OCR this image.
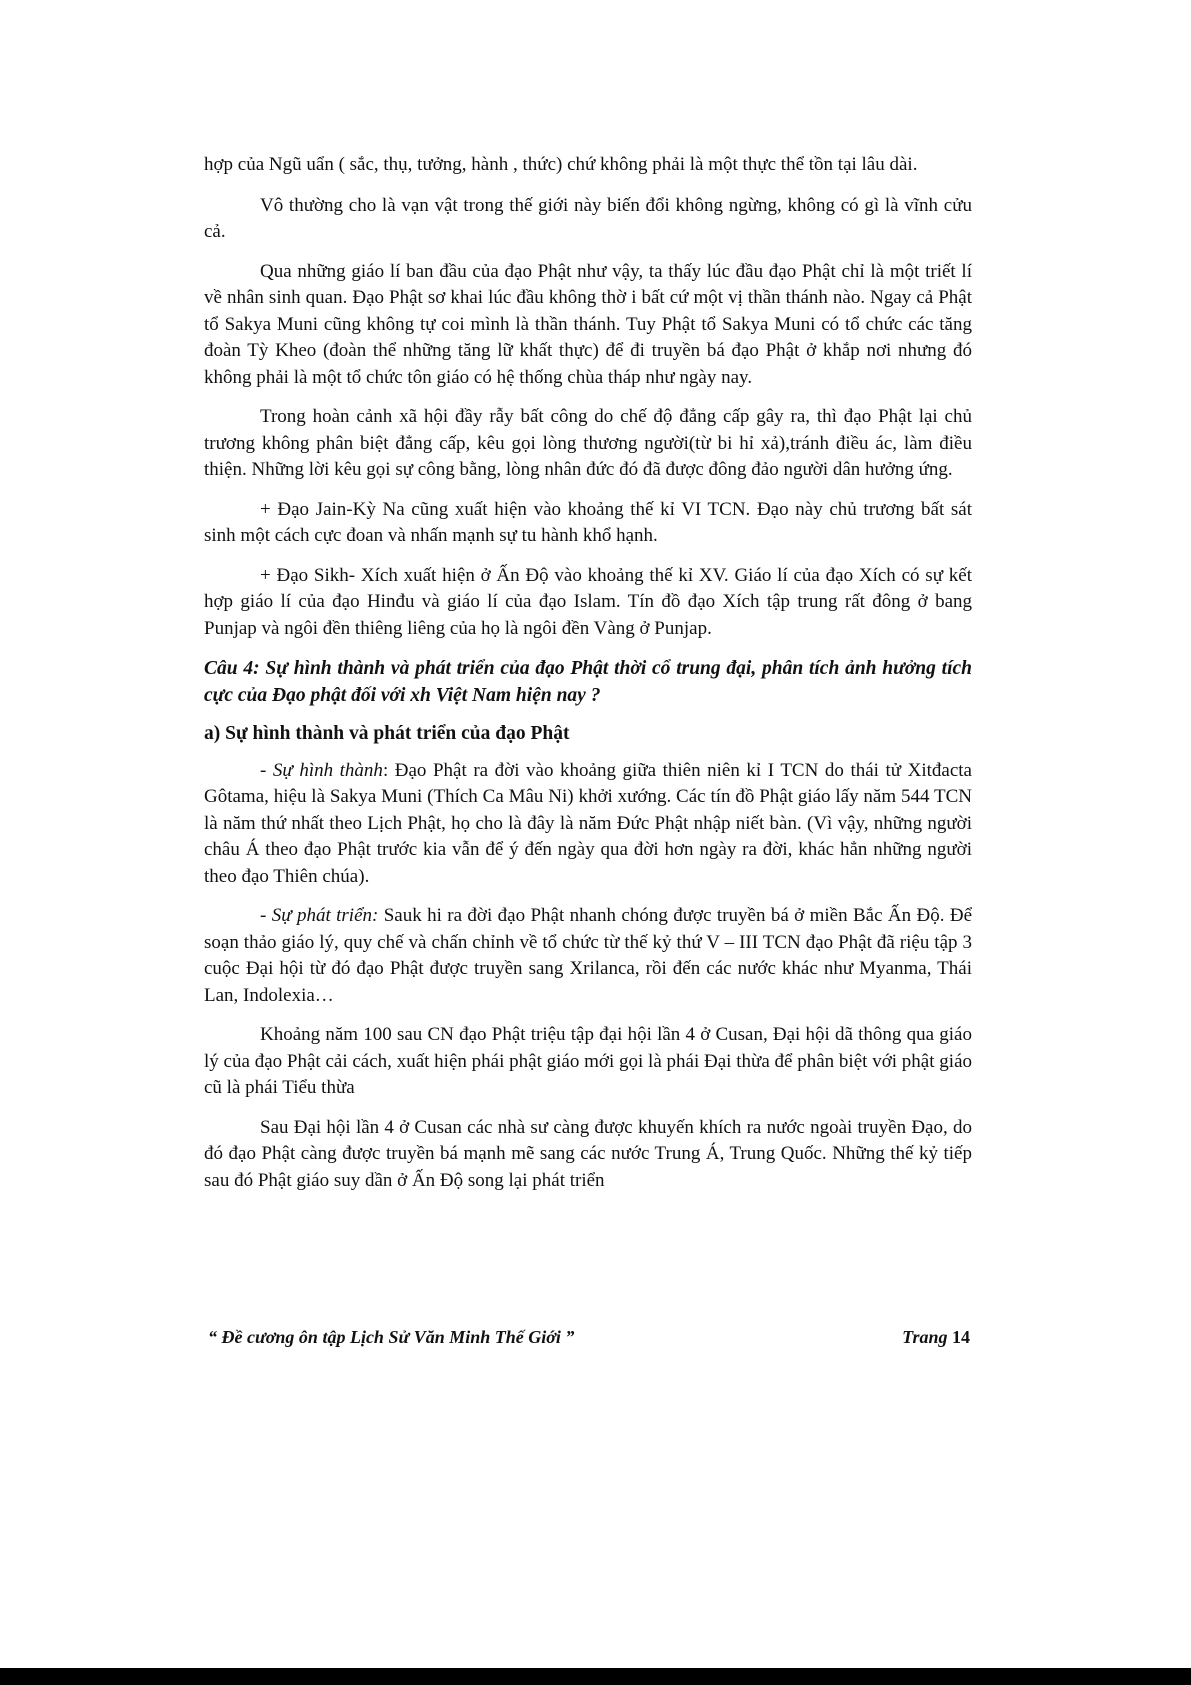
hợp của Ngũ uẩn ( sắc, thụ, tưởng, hành , thức) chứ không phải là một thực thể tồn tại lâu dài.

Vô thường cho là vạn vật trong thế giới này biến đổi không ngừng, không có gì là vĩnh cửu cả.

Qua những giáo lí ban đầu của đạo Phật như vậy, ta thấy lúc đầu đạo Phật chỉ là một triết lí về nhân sinh quan. Đạo Phật sơ khai lúc đầu không thờ i bất cứ một vị thần thánh nào. Ngay cả Phật tổ Sakya Muni cũng không tự coi mình là thần thánh. Tuy Phật tổ Sakya Muni có tổ chức các tăng đoàn Tỳ Kheo (đoàn thể những tăng lữ khất thực) để đi truyền bá đạo Phật ở khắp nơi nhưng đó không phải là một tổ chức tôn giáo có hệ thống chùa tháp như ngày nay.

Trong hoàn cảnh xã hội đầy rẫy bất công do chế độ đẳng cấp gây ra, thì đạo Phật lại chủ trương không phân biệt đẳng cấp, kêu gọi lòng thương người(từ bi hỉ xả),tránh điều ác, làm điều thiện. Những lời kêu gọi sự công bằng, lòng nhân đức đó đã được đông đảo người dân hưởng ứng.

+ Đạo Jain-Kỳ Na cũng xuất hiện vào khoảng thế kỉ VI TCN. Đạo này chủ trương bất sát sinh một cách cực đoan và nhấn mạnh sự tu hành khổ hạnh.

+ Đạo Sikh- Xích xuất hiện ở Ấn Độ vào khoảng thế kỉ XV. Giáo lí của đạo Xích có sự kết hợp giáo lí của đạo Hinđu và giáo lí của đạo Islam. Tín đồ đạo Xích tập trung rất đông ở bang Punjap và ngôi đền thiêng liêng của họ là ngôi đền Vàng ở Punjap.

Câu 4: Sự hình thành và phát triển của đạo Phật thời cổ trung đại, phân tích ảnh hưởng tích cực của Đạo phật đối với xh Việt Nam hiện nay ?

a) Sự hình thành và phát triển của đạo Phật

- Sự hình thành: Đạo Phật ra đời vào khoảng giữa thiên niên kỉ I TCN do thái tử Xitđacta Gôtama, hiệu là Sakya Muni (Thích Ca Mâu Ni) khởi xướng. Các tín đồ Phật giáo lấy năm 544 TCN là năm thứ nhất theo Lịch Phật, họ cho là đây là năm Đức Phật nhập niết bàn. (Vì vậy, những người châu Á theo đạo Phật trước kia vẫn để ý đến ngày qua đời hơn ngày ra đời, khác hẳn những người theo đạo Thiên chúa).

- Sự phát triển: Sauk hi ra đời đạo Phật nhanh chóng được truyền bá ở miền Bắc Ấn Độ. Để soạn thảo giáo lý, quy chế và chấn chỉnh về tổ chức từ thế kỷ thứ V – III TCN đạo Phật đã riệu tập 3 cuộc Đại hội từ đó đạo Phật được truyền sang Xrilanca, rồi đến các nước khác như Myanma, Thái Lan, Indolexia…

Khoảng năm 100 sau CN đạo Phật triệu tập đại hội lần 4 ở Cusan, Đại hội dã thông qua giáo lý của đạo Phật cải cách, xuất hiện phái phật giáo mới gọi là phái Đại thừa để phân biệt với phật giáo cũ là phái Tiểu thừa

Sau Đại hội lần 4 ở Cusan các nhà sư càng được khuyến khích ra nước ngoài truyền Đạo, do đó đạo Phật càng được truyền bá mạnh mẽ sang các nước Trung Á, Trung Quốc. Những thế kỷ tiếp sau đó Phật giáo suy dần ở Ấn Độ song lại phát triển

“ Đề cương ôn tập Lịch Sử Văn Minh Thế Giới ”	Trang 14
